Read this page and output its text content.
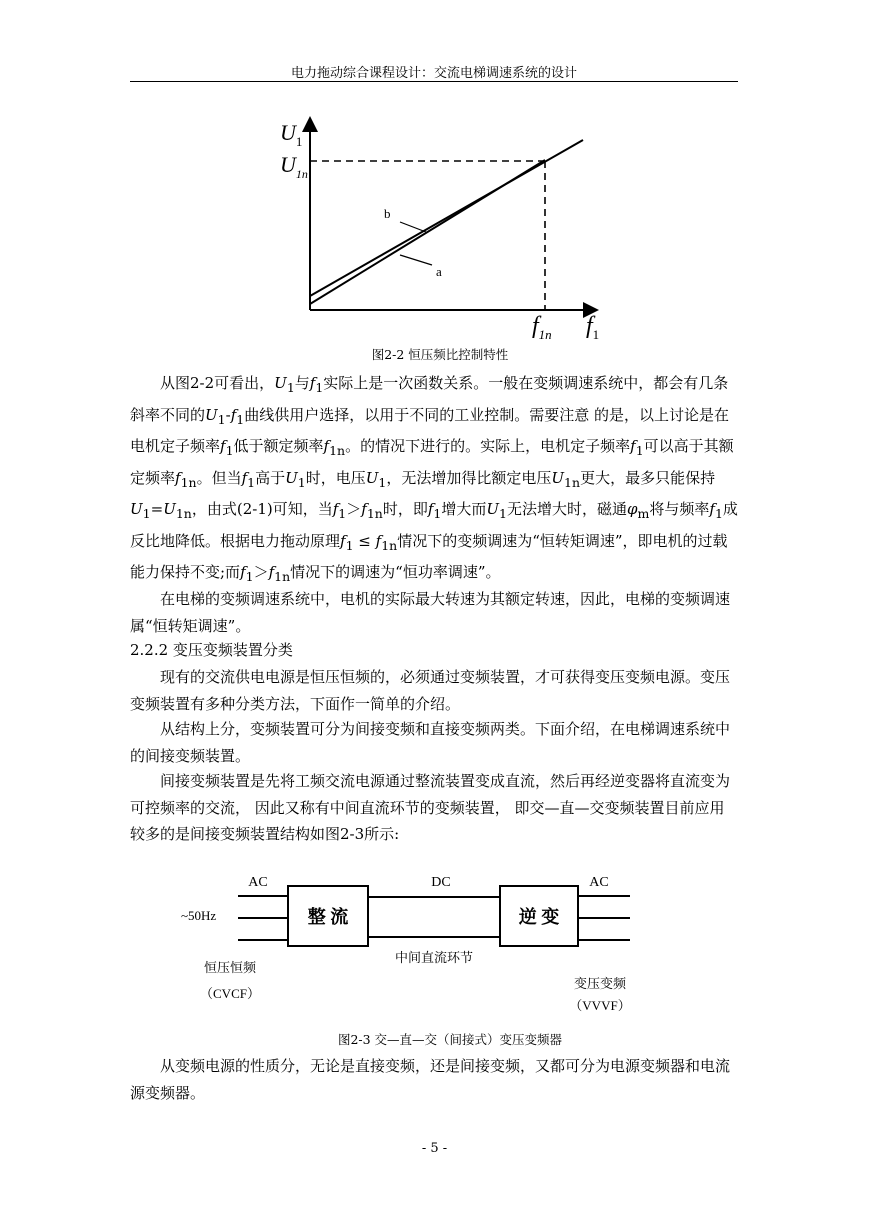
电力拖动综合课程设计：交流电梯调速系统的设计
b
a
$U_1$
$U_{1n}$
$f_{1n}$ $f_1$
图2-2 恒压频比控制特性

从图2-2可看出，$U_1$与$f_1$实际上是一次函数关系。一般在变频调速系统中，都会有几条斜率不同的$U_1-f_1$曲线供用户选择，以用于不同的工业控制。需要注意 的是，以上讨论是在电机定子频率$f_1$低于额定频率$f_{1n}$。的情况下进行的。实际上，电机定子频率$f_1$可以高于其额定频率$f_{1n}$。但当$f_1$高于$U_1$时，电压$U_1$，无法增加得比额定电压$U_{1n}$更大，最多只能保持$U_1=U_{1n}$，由式(2-1)可知，当$f_1>f_{1n}$时，即$f_1$增大而$U_1$无法增大时，磁通$\varphi_m$将与频率$f_1$成反比地降低。根据电力拖动原理$f_1 \le f_{1n}$情况下的变频调速为“恒转矩调速”，即电机的过载能力保持不变;而$f_1>f_{1n}$情况下的调速为“恒功率调速”。

在电梯的变频调速系统中，电机的实际最大转速为其额定转速，因此，电梯的变频调速属“恒转矩调速”。

2.2.2 变压变频装置分类

现有的交流供电电源是恒压恒频的，必须通过变频装置，才可获得变压变频电源。变压变频装置有多种分类方法，下面作一简单的介绍。

从结构上分，变频装置可分为间接变频和直接变频两类。下面介绍，在电梯调速系统中的间接变频装置。

间接变频装置是先将工频交流电源通过整流装置变成直流，然后再经逆变器将直流变为可控频率的交流， 因此又称有中间直流环节的变频装置， 即交—直—交变频装置目前应用较多的是间接变频装置结构如图2-3所示:

AC	DC	AC
~50Hz	整 流	逆 变
中间直流环节
恒压恒频
（CVCF）
变压变频
（VVVF）
图2-3 交—直—交（间接式）变压变频器

从变频电源的性质分，无论是直接变频，还是间接变频，又都可分为电源变频器和电流源变频器。

- 5 -
